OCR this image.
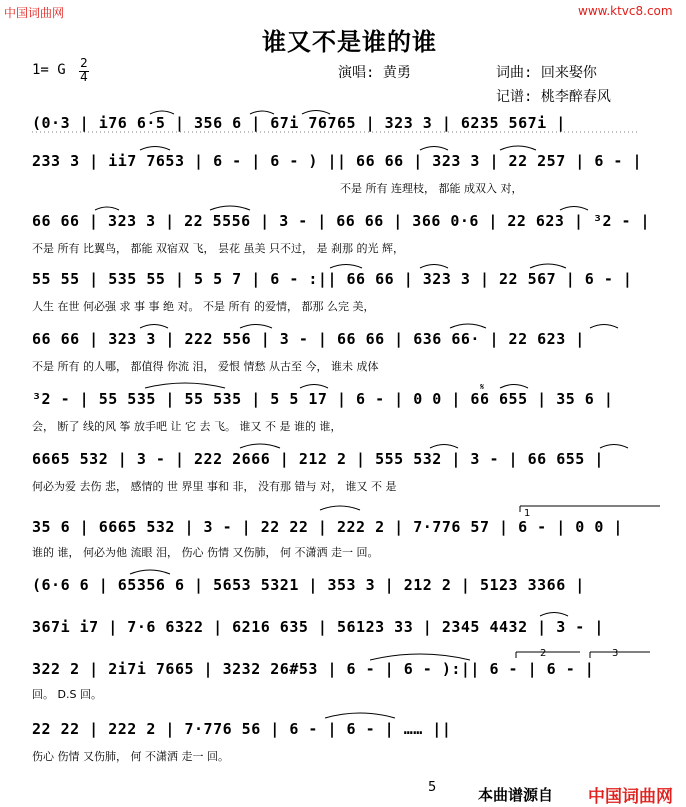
中国词曲网	www.ktvc8.com
谁又不是谁的谁
1= G 2
4	演唱: 黄勇	词曲: 回来娶你
记谱: 桃李醉春风
(0·3 | i76 6·5 | 356 6 | 67i 76765 | 323 3 | 6235 567i |
233 3 | ii7 7653 | 6 - | 6 - ) || 66 66 | 323 3 | 22 257 | 6 - |
不是 所有 连理枝， 都能 成双入 对，
66 66 | 323 3 | 22 5556 | 3 - | 66 66 | 366 0·6 | 22 623 | ³2 - |
不是 所有 比翼鸟， 都能 双宿双 飞， 昙花 虽美 只不过， 是 刹那 的光 辉，
55 55 | 535 55 | 5 5 7 | 6 - :|| 66 66 | 323 3 | 22 567 | 6 - |
人生 在世 何必强 求 事 事 绝 对。 不是 所有 的爱情， 都那 么完 美，
66 66 | 323 3 | 222 556 | 3 - | 66 66 | 636 66· | 22 623 |
不是 所有 的人哪， 都值得 你流 泪， 爱恨 情愁 从古至 今， 谁未 成体
𝄋
³2 - | 55 535 | 55 535 | 5 5 17 | 6 - | 0 0 | 66 655 | 35 6 |
会， 断了 线的风 筝 放手吧 让 它 去 飞。 谁又 不 是 谁的 谁，
6665 532 | 3 - | 222 2666 | 212 2 | 555 532 | 3 - | 66 655 |
何必为爱 去伤 悲， 感情的 世 界里 事和 非， 没有那 错与 对， 谁又 不 是
1
35 6 | 6665 532 | 3 - | 22 22 | 222 2 | 7·776 57 | 6 - | 0 0 |
谁的 谁， 何必为他 流眼 泪， 伤心 伤情 又伤肺， 何 不潇洒 走一 回。
(6·6 6 | 65356 6 | 5653 5321 | 353 3 | 212 2 | 5123 3366 |
367i i7 | 7·6 6322 | 6216 635 | 56123 33 | 2345 4432 | 3 - |
2	3
322 2 | 2i7i 7665 | 3232 26#53 | 6 - | 6 - ):|| 6 - | 6 - |
回。 D.S 回。
22 22 | 222 2 | 7·776 56 | 6 - | 6 - | …… ||
伤心 伤情 又伤肺， 何 不潇洒 走一 回。
5	本曲谱源自 中国词曲网
